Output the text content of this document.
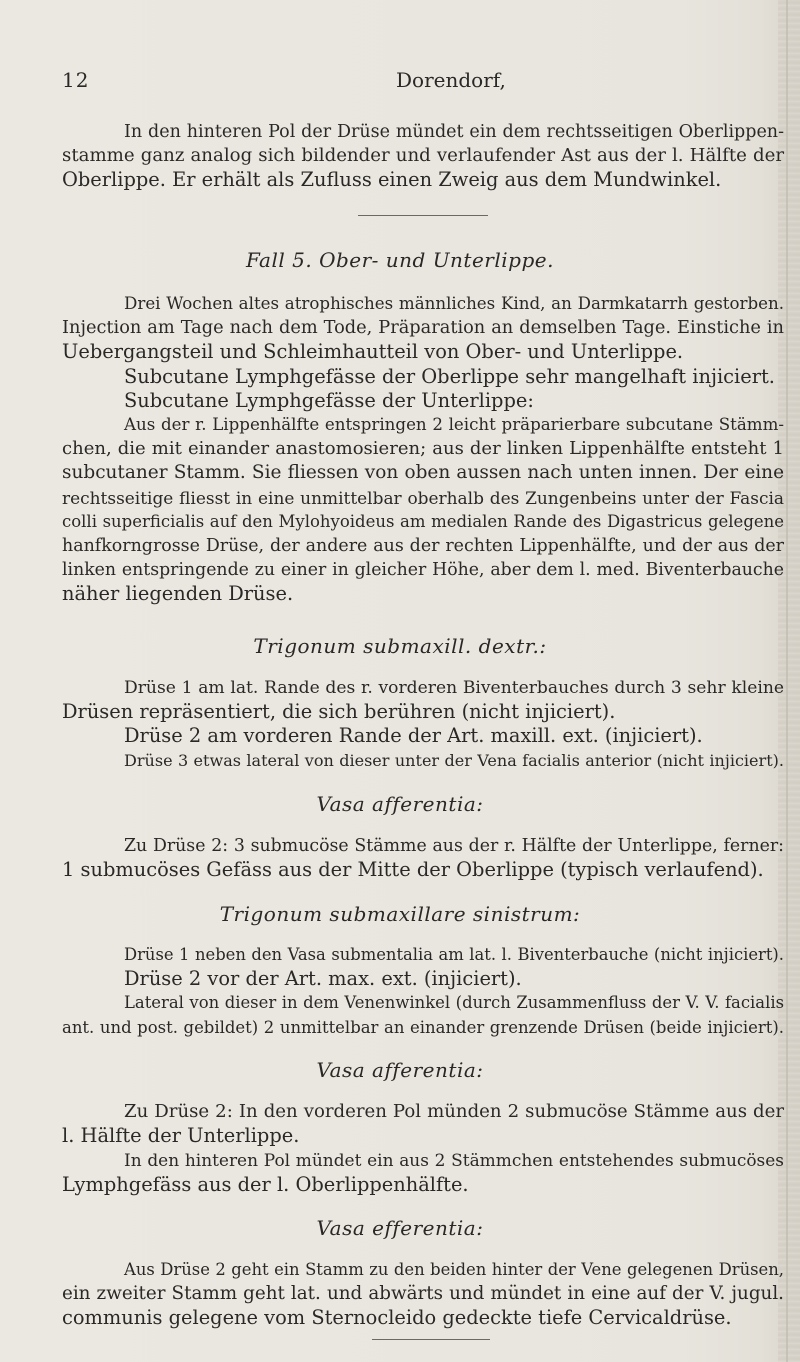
12	Dorendorf,
In den hinteren Pol der Drüse mündet ein dem rechtsseitigen Oberlippen-
stamme ganz analog sich bildender und verlaufender Ast aus der l. Hälfte der
Oberlippe. Er erhält als Zufluss einen Zweig aus dem Mundwinkel.
Fall 5. Ober- und Unterlippe.
Drei Wochen altes atrophisches männliches Kind, an Darmkatarrh gestorben.
Injection am Tage nach dem Tode, Präparation an demselben Tage. Einstiche in
Uebergangsteil und Schleimhautteil von Ober- und Unterlippe.
Subcutane Lymphgefässe der Oberlippe sehr mangelhaft injiciert.
Subcutane Lymphgefässe der Unterlippe:
Aus der r. Lippenhälfte entspringen 2 leicht präparierbare subcutane Stämm-
chen, die mit einander anastomosieren; aus der linken Lippenhälfte entsteht 1
subcutaner Stamm. Sie fliessen von oben aussen nach unten innen. Der eine
rechtsseitige fliesst in eine unmittelbar oberhalb des Zungenbeins unter der Fascia
colli superficialis auf den Mylohyoideus am medialen Rande des Digastricus gelegene
hanfkorngrosse Drüse, der andere aus der rechten Lippenhälfte, und der aus der
linken entspringende zu einer in gleicher Höhe, aber dem l. med. Biventerbauche
näher liegenden Drüse.
Trigonum submaxill. dextr.:
Drüse 1 am lat. Rande des r. vorderen Biventerbauches durch 3 sehr kleine
Drüsen repräsentiert, die sich berühren (nicht injiciert).
Drüse 2 am vorderen Rande der Art. maxill. ext. (injiciert).
Drüse 3 etwas lateral von dieser unter der Vena facialis anterior (nicht injiciert).
Vasa afferentia:
Zu Drüse 2: 3 submucöse Stämme aus der r. Hälfte der Unterlippe, ferner:
1 submucöses Gefäss aus der Mitte der Oberlippe (typisch verlaufend).
Trigonum submaxillare sinistrum:
Drüse 1 neben den Vasa submentalia am lat. l. Biventerbauche (nicht injiciert).
Drüse 2 vor der Art. max. ext. (injiciert).
Lateral von dieser in dem Venenwinkel (durch Zusammenfluss der V. V. facialis
ant. und post. gebildet) 2 unmittelbar an einander grenzende Drüsen (beide injiciert).
Vasa afferentia:
Zu Drüse 2: In den vorderen Pol münden 2 submucöse Stämme aus der
l. Hälfte der Unterlippe.
In den hinteren Pol mündet ein aus 2 Stämmchen entstehendes submucöses
Lymphgefäss aus der l. Oberlippenhälfte.
Vasa efferentia:
Aus Drüse 2 geht ein Stamm zu den beiden hinter der Vene gelegenen Drüsen,
ein zweiter Stamm geht lat. und abwärts und mündet in eine auf der V. jugul.
communis gelegene vom Sternocleido gedeckte tiefe Cervicaldrüse.
